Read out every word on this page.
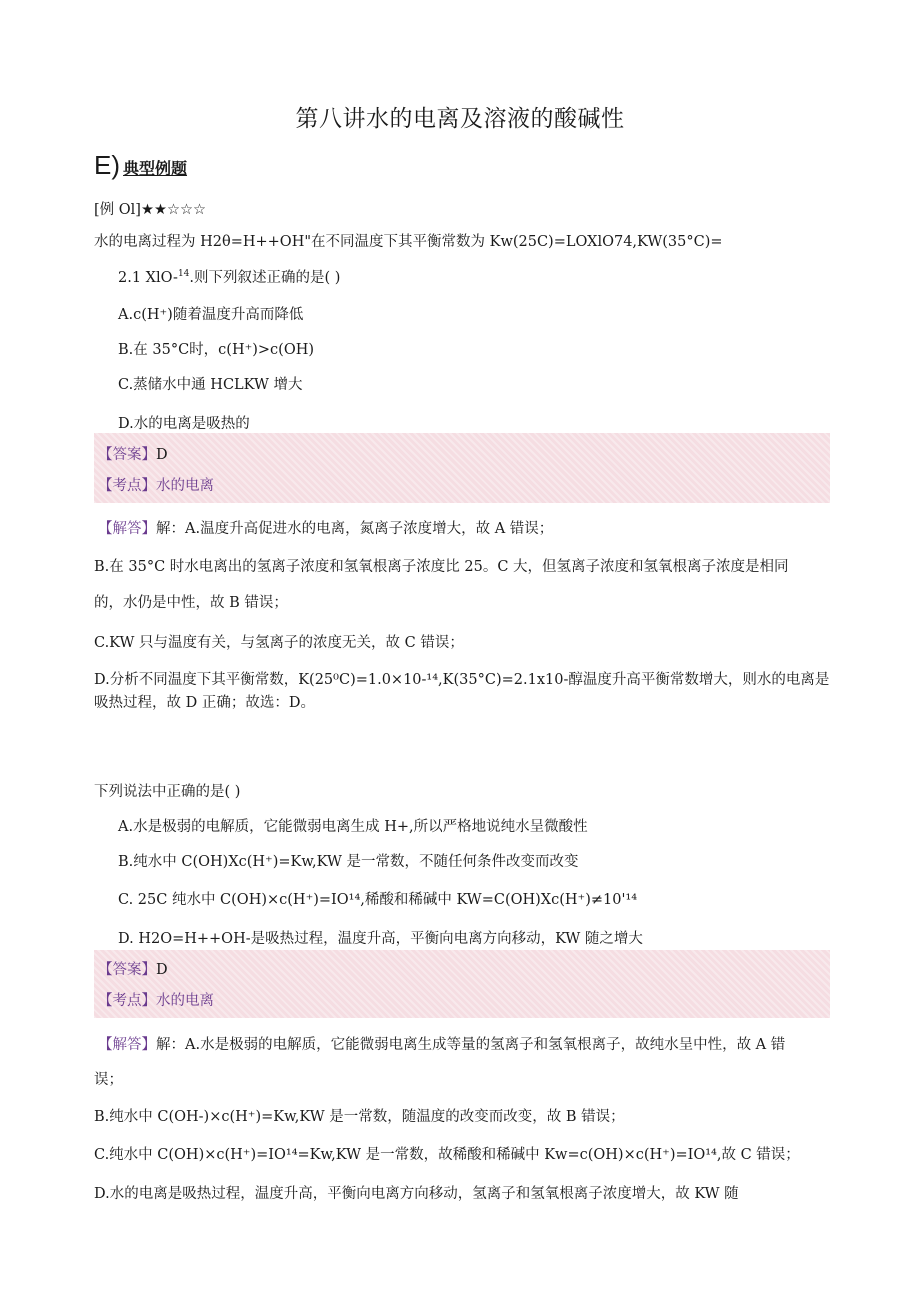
第八讲水的电离及溶液的酸碱性
E) 典型例题
[例 Ol]★★☆☆☆
水的电离过程为 H2θ=H++OH"在不同温度下其平衡常数为 Kw(25C)=LOXlO74,KW(35°C)=
2.1 XlO-$^{14}$.则下列叙述正确的是( )
A.c(H⁺)随着温度升高而降低
B.在 35°C时，c(H⁺)>c(OH)
C.蒸储水中通 HCLKW 增大
D.水的电离是吸热的
【答案】D
【考点】水的电离
【解答】解：A.温度升高促进水的电离，氮离子浓度增大，故 A 错误；
B.在 35°C 时水电离出的氢离子浓度和氢氧根离子浓度比 25。C 大，但氢离子浓度和氢氧根离子浓度是相同
的，水仍是中性，故 B 错误；
C.KW 只与温度有关，与氢离子的浓度无关，故 C 错误；
D.分析不同温度下其平衡常数，K(25⁰C)=1.0×10-¹⁴,K(35°C)=2.1x10-醇温度升高平衡常数增大，则水的电离是
吸热过程，故 D 正确；故选：D。
下列说法中正确的是( )
A.水是极弱的电解质，它能微弱电离生成 H+,所以严格地说纯水呈微酸性
B.纯水中 C(OH)Xc(H⁺)=Kw,KW 是一常数，不随任何条件改变而改变
C. 25C 纯水中 C(OH)×c(H⁺)=IO¹⁴,稀酸和稀碱中 KW=C(OH)Xc(H⁺)≠10'¹⁴
D. H2O=H++OH-是吸热过程，温度升高，平衡向电离方向移动，KW 随之增大
【答案】D
【考点】水的电离
【解答】解：A.水是极弱的电解质，它能微弱电离生成等量的氢离子和氢氧根离子，故纯水呈中性，故 A 错
误；
B.纯水中 C(OH-)×c(H⁺)=Kw,KW 是一常数，随温度的改变而改变，故 B 错误；
C.纯水中 C(OH)×c(H⁺)=IO¹⁴=Kw,KW 是一常数，故稀酸和稀碱中 Kw=c(OH)×c(H⁺)=IO¹⁴,故 C 错误；
D.水的电离是吸热过程，温度升高，平衡向电离方向移动，氢离子和氢氧根离子浓度增大，故 KW 随
